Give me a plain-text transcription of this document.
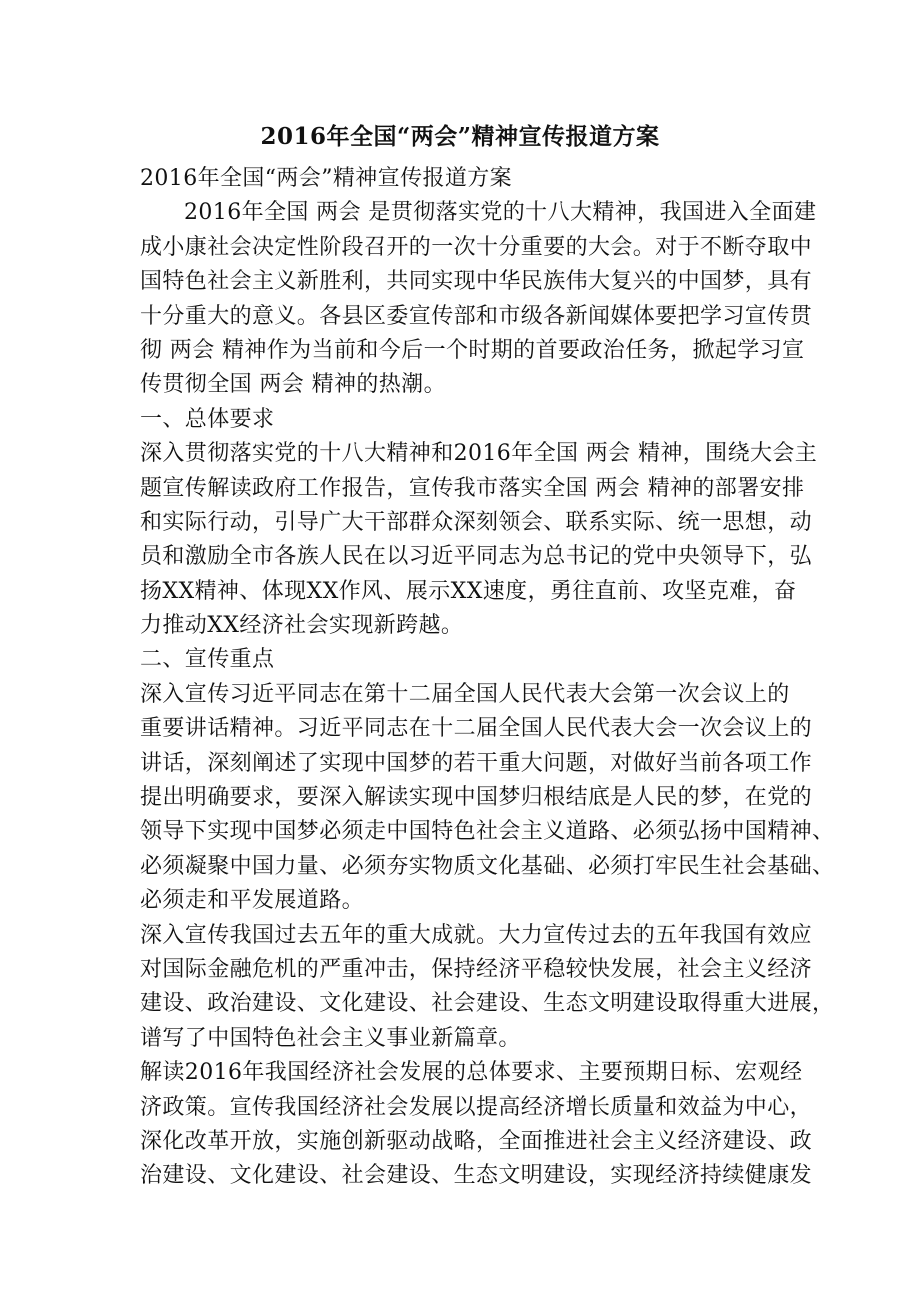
2016年全国“两会”精神宣传报道方案
2016年全国“两会”精神宣传报道方案
2016年全国 两会 是贯彻落实党的十八大精神，我国进入全面建
成小康社会决定性阶段召开的一次十分重要的大会。对于不断夺取中
国特色社会主义新胜利，共同实现中华民族伟大复兴的中国梦，具有
十分重大的意义。各县区委宣传部和市级各新闻媒体要把学习宣传贯
彻 两会 精神作为当前和今后一个时期的首要政治任务，掀起学习宣
传贯彻全国 两会 精神的热潮。
一、总体要求
深入贯彻落实党的十八大精神和2016年全国 两会 精神，围绕大会主
题宣传解读政府工作报告，宣传我市落实全国 两会 精神的部署安排
和实际行动，引导广大干部群众深刻领会、联系实际、统一思想，动
员和激励全市各族人民在以习近平同志为总书记的党中央领导下，弘
扬XX精神、体现XX作风、展示XX速度，勇往直前、攻坚克难，奋
力推动XX经济社会实现新跨越。
二、宣传重点
深入宣传习近平同志在第十二届全国人民代表大会第一次会议上的
重要讲话精神。习近平同志在十二届全国人民代表大会一次会议上的
讲话，深刻阐述了实现中国梦的若干重大问题，对做好当前各项工作
提出明确要求，要深入解读实现中国梦归根结底是人民的梦，在党的
领导下实现中国梦必须走中国特色社会主义道路、必须弘扬中国精神、
必须凝聚中国力量、必须夯实物质文化基础、必须打牢民生社会基础、
必须走和平发展道路。
深入宣传我国过去五年的重大成就。大力宣传过去的五年我国有效应
对国际金融危机的严重冲击，保持经济平稳较快发展，社会主义经济
建设、政治建设、文化建设、社会建设、生态文明建设取得重大进展，
谱写了中国特色社会主义事业新篇章。
解读2016年我国经济社会发展的总体要求、主要预期日标、宏观经
济政策。宣传我国经济社会发展以提高经济增长质量和效益为中心，
深化改革开放，实施创新驱动战略，全面推进社会主义经济建设、政
治建设、文化建设、社会建设、生态文明建设，实现经济持续健康发
